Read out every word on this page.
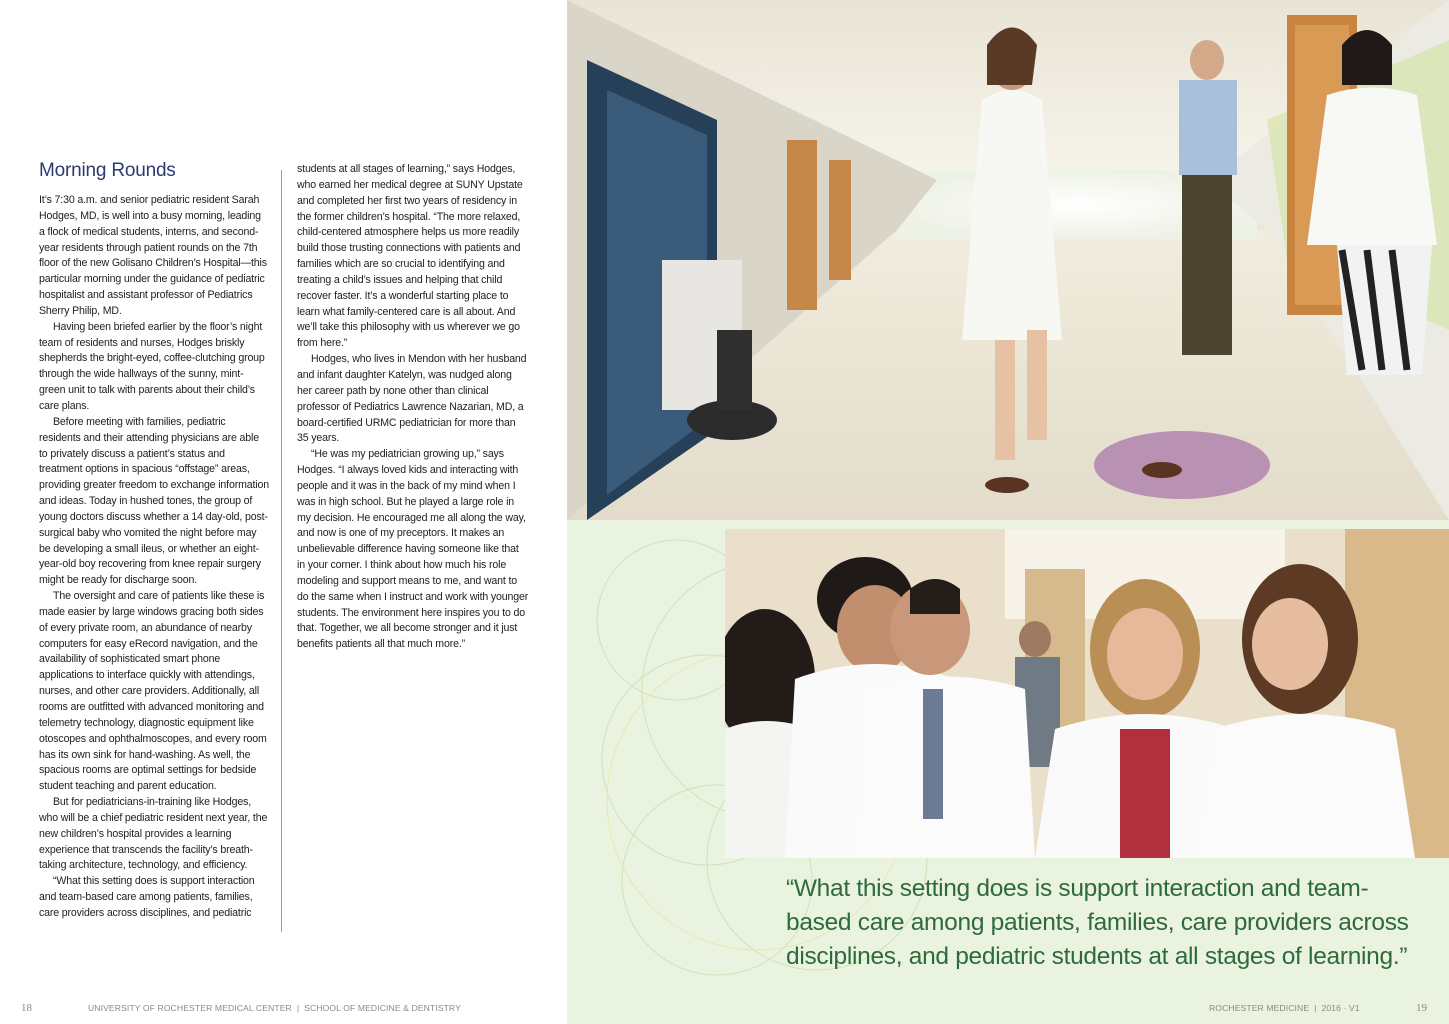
Morning Rounds

It’s 7:30 a.m. and senior pediatric resident Sarah Hodges, MD, is well into a busy morning, leading a flock of medical students, interns, and second-year residents through patient rounds on the 7th floor of the new Golisano Children’s Hospital—this particular morning under the guidance of pediatric hospitalist and assistant professor of Pediatrics Sherry Philip, MD.

Having been briefed earlier by the floor’s night team of residents and nurses, Hodges briskly shepherds the bright-eyed, coffee-clutching group through the wide hallways of the sunny, mint-green unit to talk with parents about their child’s care plans.

Before meeting with families, pediatric residents and their attending physicians are able to privately discuss a patient’s status and treatment options in spacious “offstage” areas, providing greater freedom to exchange information and ideas. Today in hushed tones, the group of young doctors discuss whether a 14 day-old, post-surgical baby who vomited the night before may be developing a small ileus, or whether an eight-year-old boy recovering from knee repair surgery might be ready for discharge soon.

The oversight and care of patients like these is made easier by large windows gracing both sides of every private room, an abundance of nearby computers for easy eRecord navigation, and the availability of sophisticated smart phone applications to interface quickly with attendings, nurses, and other care providers. Additionally, all rooms are outfitted with advanced monitoring and telemetry technology, diagnostic equipment like otoscopes and ophthalmoscopes, and every room has its own sink for hand-washing. As well, the spacious rooms are optimal settings for bedside student teaching and parent education.

But for pediatricians-in-training like Hodges, who will be a chief pediatric resident next year, the new children’s hospital provides a learning experience that transcends the facility’s breath-taking architecture, technology, and efficiency.

“What this setting does is support interaction and team-based care among patients, families, care providers across disciplines, and pediatric

students at all stages of learning,” says Hodges, who earned her medical degree at SUNY Upstate and completed her first two years of residency in the former children’s hospital. “The more relaxed, child-centered atmosphere helps us more readily build those trusting connections with patients and families which are so crucial to identifying and treating a child’s issues and helping that child recover faster. It’s a wonderful starting place to learn what family-centered care is all about. And we’ll take this philosophy with us wherever we go from here.”

Hodges, who lives in Mendon with her husband and infant daughter Katelyn, was nudged along her career path by none other than clinical professor of Pediatrics Lawrence Nazarian, MD, a board-certified URMC pediatrician for more than 35 years.

“He was my pediatrician growing up,” says Hodges. “I always loved kids and interacting with people and it was in the back of my mind when I was in high school. But he played a large role in my decision. He encouraged me all along the way, and now is one of my preceptors. It makes an unbelievable difference having someone like that in your corner. I think about how much his role modeling and support means to me, and want to do the same when I instruct and work with younger students. The environment here inspires you to do that. Together, we all become stronger and it just benefits patients all that much more.”

18	UNIVERSITY OF ROCHESTER MEDICAL CENTER  |  SCHOOL OF MEDICINE & DENTISTRY
“What this setting does is support interaction and team-based care among patients, families, care providers across disciplines, and pediatric students at all stages of learning.”
ROCHESTER MEDICINE  |  2016 · V1	19
